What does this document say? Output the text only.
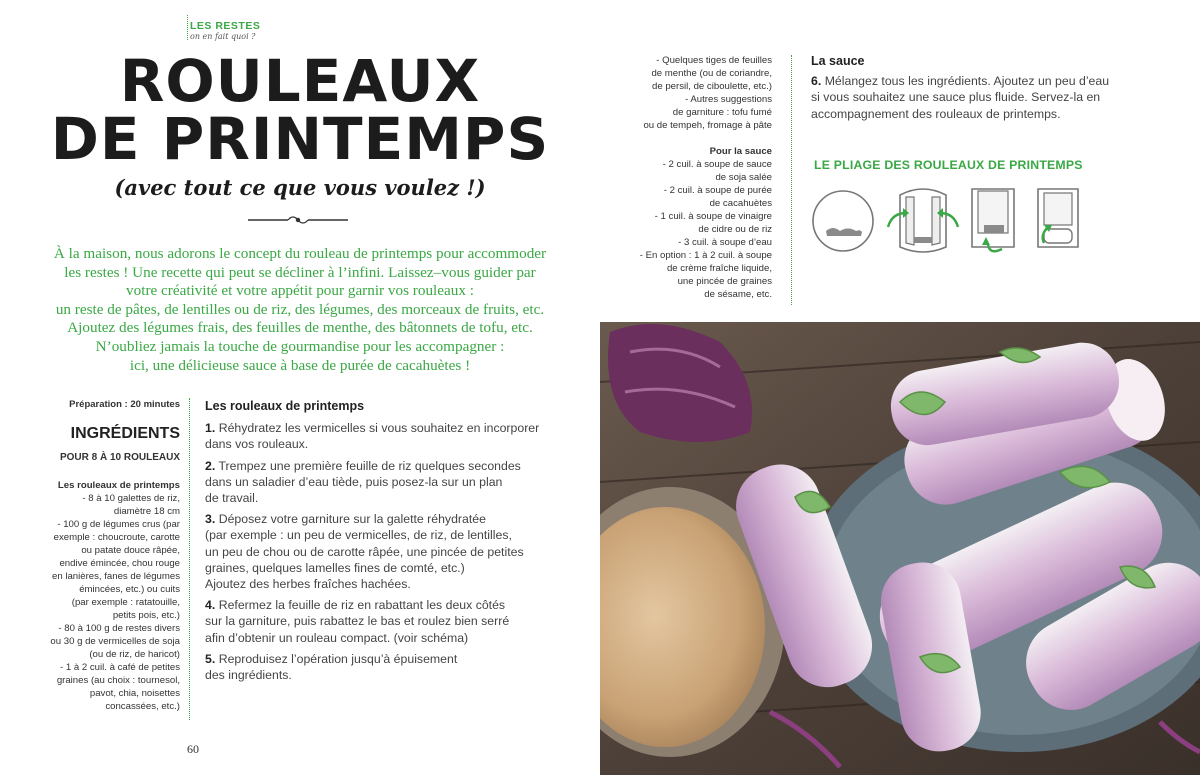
LES RESTES
on en fait quoi ?
ROULEAUX
DE PRINTEMPS
(avec tout ce que vous voulez !)
À la maison, nous adorons le concept du rouleau de printemps pour accommoder
les restes ! Une recette qui peut se décliner à l’infini. Laissez–vous guider par
votre créativité et votre appétit pour garnir vos rouleaux :
un reste de pâtes, de lentilles ou de riz, des légumes, des morceaux de fruits, etc.
Ajoutez des légumes frais, des feuilles de menthe, des bâtonnets de tofu, etc.
N’oubliez jamais la touche de gourmandise pour les accompagner :
ici, une délicieuse sauce à base de purée de cacahuètes !
Préparation : 20 minutes
INGRÉDIENTS
POUR 8 À 10 ROULEAUX
Les rouleaux de printemps
- 8 à 10 galettes de riz,
diamètre 18 cm
- 100 g de légumes crus (par
exemple : choucroute, carotte
ou patate douce râpée,
endive émincée, chou rouge
en lanières, fanes de légumes
émincées, etc.) ou cuits
(par exemple : ratatouille,
petits pois, etc.)
- 80 à 100 g de restes divers
ou 30 g de vermicelles de soja
(ou de riz, de haricot)
- 1 à 2 cuil. à café de petites
graines (au choix : tournesol,
pavot, chia, noisettes
concassées, etc.)
Les rouleaux de printemps
1. Réhydratez les vermicelles si vous souhaitez en incorporer
dans vos rouleaux.
2. Trempez une première feuille de riz quelques secondes
dans un saladier d’eau tiède, puis posez-la sur un plan
de travail.
3. Déposez votre garniture sur la galette réhydratée
(par exemple : un peu de vermicelles, de riz, de lentilles,
un peu de chou ou de carotte râpée, une pincée de petites
graines, quelques lamelles fines de comté, etc.)
Ajoutez des herbes fraîches hachées.
4. Refermez la feuille de riz en rabattant les deux côtés
sur la garniture, puis rabattez le bas et roulez bien serré
afin d’obtenir un rouleau compact. (voir schéma)
5. Reproduisez l’opération jusqu’à épuisement
des ingrédients.
60
- Quelques tiges de feuilles
de menthe (ou de coriandre,
de persil, de ciboulette, etc.)
- Autres suggestions
de garniture : tofu fumé
ou de tempeh, fromage à pâte
Pour la sauce
- 2 cuil. à soupe de sauce
de soja salée
- 2 cuil. à soupe de purée
de cacahuètes
- 1 cuil. à soupe de vinaigre
de cidre ou de riz
- 3 cuil. à soupe d’eau
- En option : 1 à 2 cuil. à soupe
de crème fraîche liquide,
une pincée de graines
de sésame, etc.
La sauce
6. Mélangez tous les ingrédients. Ajoutez un peu d’eau
si vous souhaitez une sauce plus fluide. Servez-la en
accompagnement des rouleaux de printemps.
LE PLIAGE DES ROULEAUX DE PRINTEMPS
